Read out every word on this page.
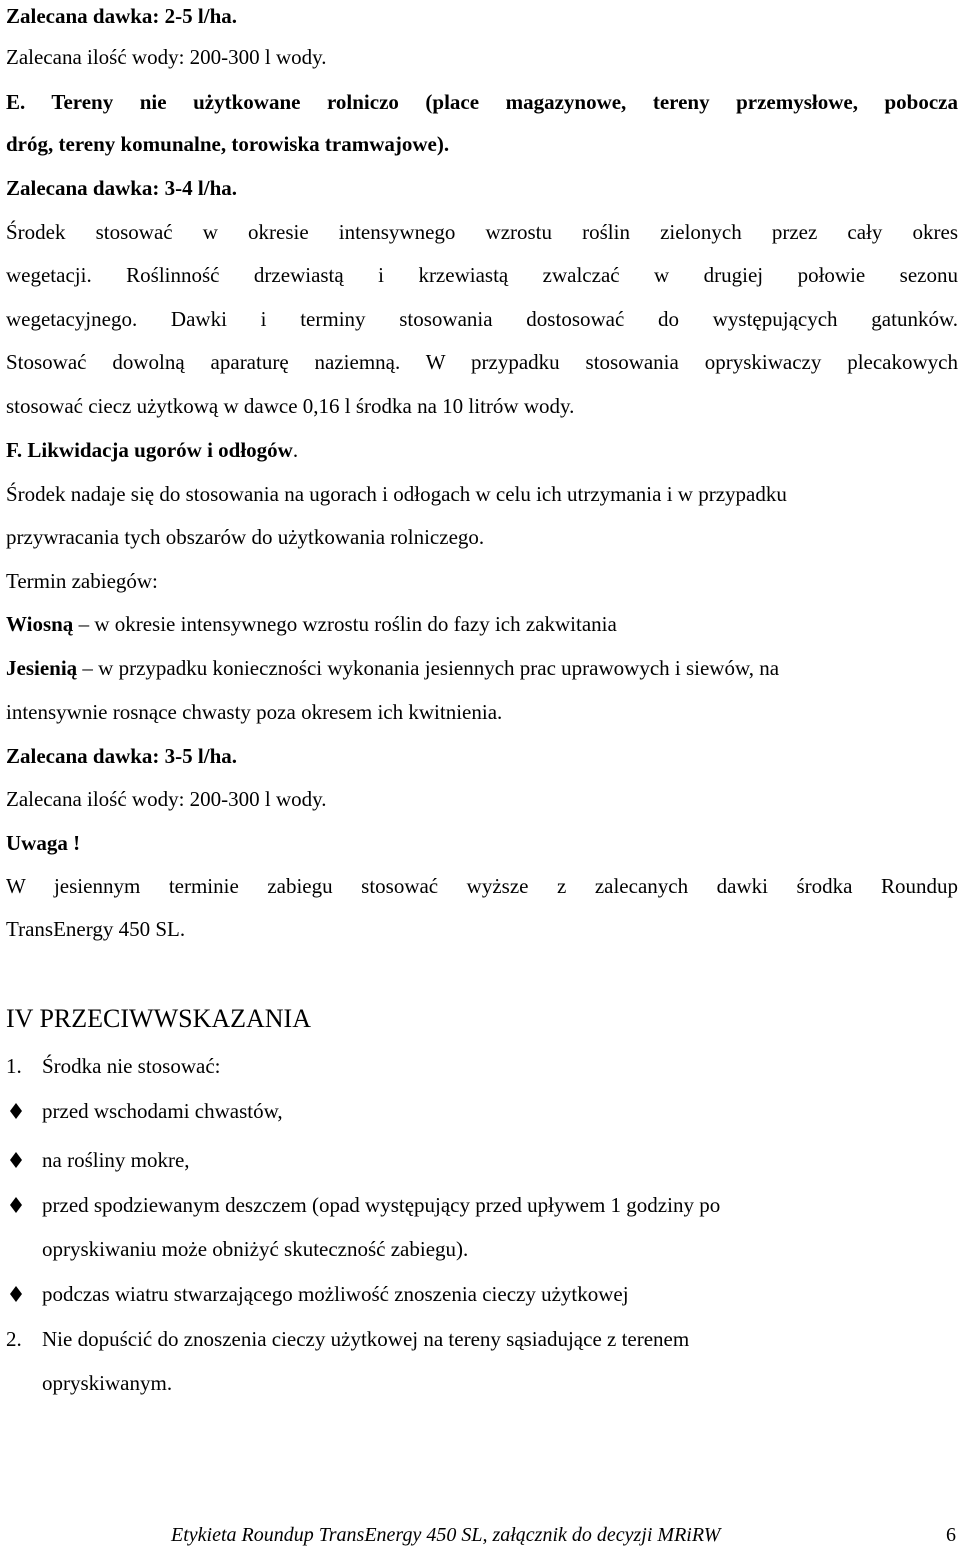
Zalecana dawka: 2-5 l/ha.
Zalecana ilość wody: 200-300 l wody.
E. Tereny nie użytkowane rolniczo (place magazynowe, tereny przemysłowe, pobocza
dróg, tereny komunalne, torowiska tramwajowe).
Zalecana dawka: 3-4 l/ha.
Środek stosować w okresie intensywnego wzrostu roślin zielonych przez cały okres
wegetacji. Roślinność drzewiastą i krzewiastą zwalczać w drugiej połowie sezonu
wegetacyjnego. Dawki i terminy stosowania dostosować do występujących gatunków.
Stosować dowolną aparaturę naziemną. W przypadku stosowania opryskiwaczy plecakowych
stosować ciecz użytkową w dawce 0,16 l środka na 10 litrów wody.
F. Likwidacja ugorów i odłogów.
Środek nadaje się do stosowania na ugorach i odłogach w celu ich utrzymania i w przypadku
przywracania tych obszarów do użytkowania rolniczego.
Termin zabiegów:
Wiosną – w okresie intensywnego wzrostu roślin do fazy ich zakwitania
Jesienią – w przypadku konieczności wykonania jesiennych prac uprawowych i siewów, na
intensywnie rosnące chwasty poza okresem ich kwitnienia.
Zalecana dawka: 3-5 l/ha.
Zalecana ilość wody: 200-300 l wody.
Uwaga !
W jesiennym terminie zabiegu stosować wyższe z zalecanych dawki środka Roundup
TransEnergy 450 SL.
IV PRZECIWWSKAZANIA
1. Środka nie stosować:
przed wschodami chwastów,
na rośliny mokre,
przed spodziewanym deszczem (opad występujący przed upływem 1 godziny po
opryskiwaniu może obniżyć skuteczność zabiegu).
podczas wiatru stwarzającego możliwość znoszenia cieczy użytkowej
2. Nie dopuścić do znoszenia cieczy użytkowej na tereny sąsiadujące z terenem
opryskiwanym.
Etykieta Roundup TransEnergy 450 SL, załącznik do decyzji MRiRW	6
